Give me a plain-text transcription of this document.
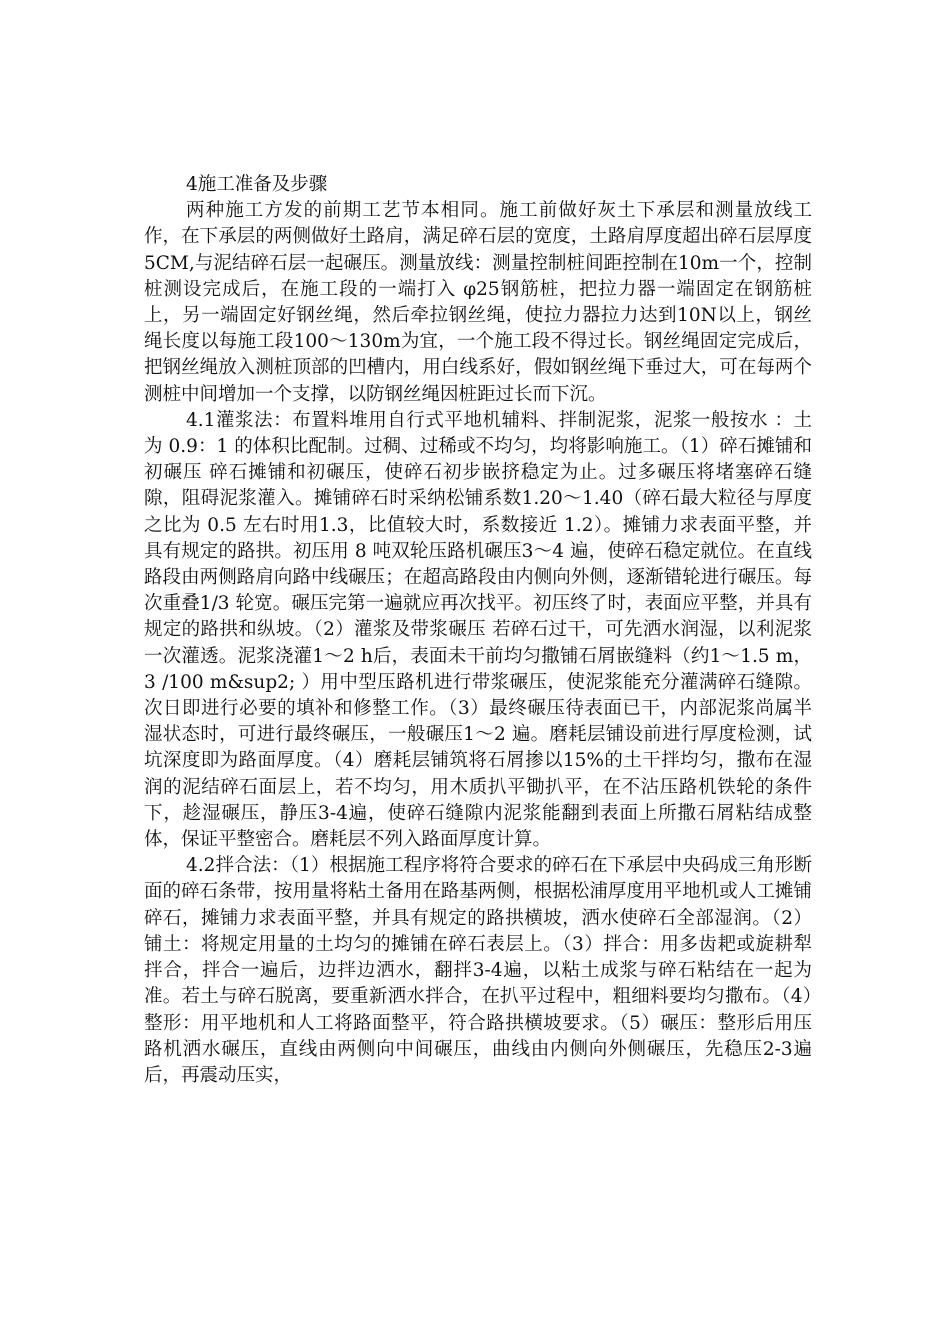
4施工准备及步骤

两种施工方发的前期工艺节本相同。施工前做好灰土下承层和测量放线工作，在下承层的两侧做好土路肩，满足碎石层的宽度，土路肩厚度超出碎石层厚度5CM,与泥结碎石层一起碾压。测量放线：测量控制桩间距控制在10m一个，控制桩测设完成后，在施工段的一端打入 φ25钢筋桩，把拉力器一端固定在钢筋桩上，另一端固定好钢丝绳，然后牵拉钢丝绳，使拉力器拉力达到10N以上，钢丝绳长度以每施工段100～130m为宜，一个施工段不得过长。钢丝绳固定完成后，把钢丝绳放入测桩顶部的凹槽内，用白线系好，假如钢丝绳下垂过大，可在每两个测桩中间增加一个支撑，以防钢丝绳因桩距过长而下沉。

4.1灌浆法：布置料堆用自行式平地机辅料、拌制泥浆，泥浆一般按水 ：土为 0.9：1 的体积比配制。过稠、过稀或不均匀，均将影响施工。（1）碎石摊铺和初碾压 碎石摊铺和初碾压，使碎石初步嵌挤稳定为止。过多碾压将堵塞碎石缝隙，阻碍泥浆灌入。摊铺碎石时采纳松铺系数1.20～1.40（碎石最大粒径与厚度之比为 0.5 左右时用1.3，比值较大时，系数接近 1.2）。摊铺力求表面平整，并具有规定的路拱。初压用 8 吨双轮压路机碾压3～4 遍，使碎石稳定就位。在直线路段由两侧路肩向路中线碾压；在超高路段由内侧向外侧，逐渐错轮进行碾压。每次重叠1/3 轮宽。碾压完第一遍就应再次找平。初压终了时，表面应平整，并具有规定的路拱和纵坡。（2）灌浆及带浆碾压 若碎石过干，可先洒水润湿，以利泥浆一次灌透。泥浆浇灌1～2 h后，表面未干前均匀撒铺石屑嵌缝料（约1～1.5 m，3 /100 m&sup2; ）用中型压路机进行带浆碾压，使泥浆能充分灌满碎石缝隙。次日即进行必要的填补和修整工作。（3）最终碾压待表面已干，内部泥浆尚属半湿状态时，可进行最终碾压，一般碾压1～2 遍。磨耗层铺设前进行厚度检测，试坑深度即为路面厚度。（4）磨耗层铺筑将石屑掺以15%的土干拌均匀，撒布在湿润的泥结碎石面层上，若不均匀，用木质扒平锄扒平，在不沾压路机铁轮的条件下，趁湿碾压，静压3-4遍，使碎石缝隙内泥浆能翻到表面上所撒石屑粘结成整体，保证平整密合。磨耗层不列入路面厚度计算。

4.2拌合法：（1）根据施工程序将符合要求的碎石在下承层中央码成三角形断面的碎石条带，按用量将粘土备用在路基两侧，根据松浦厚度用平地机或人工摊铺碎石，摊铺力求表面平整，并具有规定的路拱横坡，洒水使碎石全部湿润。（2）铺土：将规定用量的土均匀的摊铺在碎石表层上。（3）拌合：用多齿耙或旋耕犁拌合，拌合一遍后，边拌边洒水，翻拌3-4遍，以粘土成浆与碎石粘结在一起为准。若土与碎石脱离，要重新洒水拌合，在扒平过程中，粗细料要均匀撒布。（4）整形：用平地机和人工将路面整平，符合路拱横坡要求。（5）碾压：整形后用压路机洒水碾压，直线由两侧向中间碾压，曲线由内侧向外侧碾压，先稳压2-3遍后，再震动压实，
